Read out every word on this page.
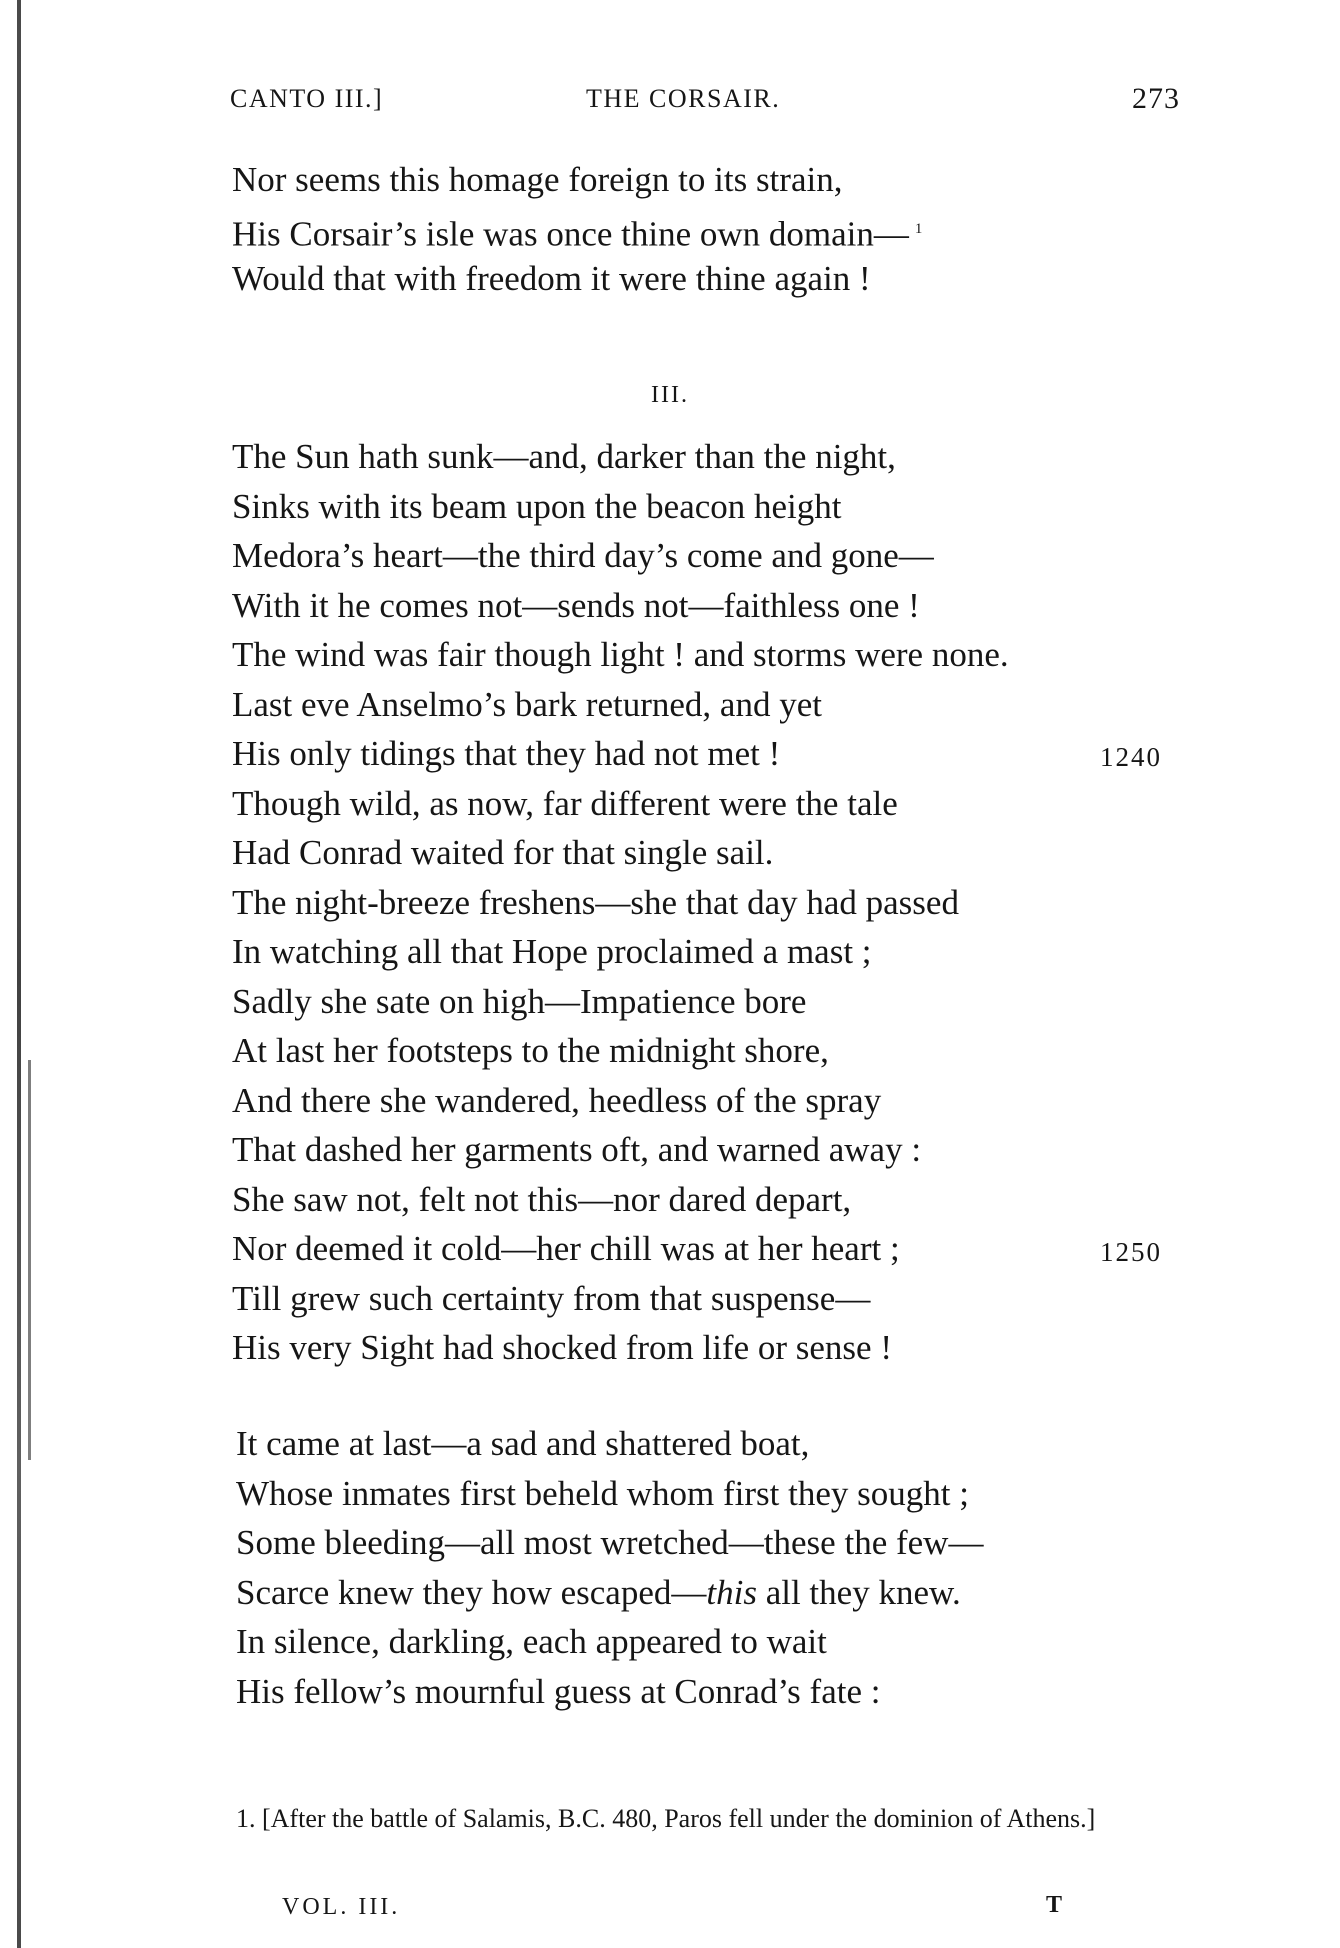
CANTO III.]	THE CORSAIR.	273
Nor seems this homage foreign to its strain,
His Corsair’s isle was once thine own domain— $^1$
Would that with freedom it were thine again !
III.
The Sun hath sunk—and, darker than the night,
Sinks with its beam upon the beacon height
Medora’s heart—the third day’s come and gone—
With it he comes not—sends not—faithless one !
The wind was fair though light ! and storms were none.
Last eve Anselmo’s bark returned, and yet
His only tidings that they had not met !	1240
Though wild, as now, far different were the tale
Had Conrad waited for that single sail.
The night-breeze freshens—she that day had passed
In watching all that Hope proclaimed a mast ;
Sadly she sate on high—Impatience bore
At last her footsteps to the midnight shore,
And there she wandered, heedless of the spray
That dashed her garments oft, and warned away :
She saw not, felt not this—nor dared depart,
Nor deemed it cold—her chill was at her heart ;	1250
Till grew such certainty from that suspense—
His very Sight had shocked from life or sense !
It came at last—a sad and shattered boat,
Whose inmates first beheld whom first they sought ;
Some bleeding—all most wretched—these the few—
Scarce knew they how escaped—this all they knew.
In silence, darkling, each appeared to wait
His fellow’s mournful guess at Conrad’s fate :
1. [After the battle of Salamis, B.C. 480, Paros fell under the dominion of Athens.]
VOL. III.	T
